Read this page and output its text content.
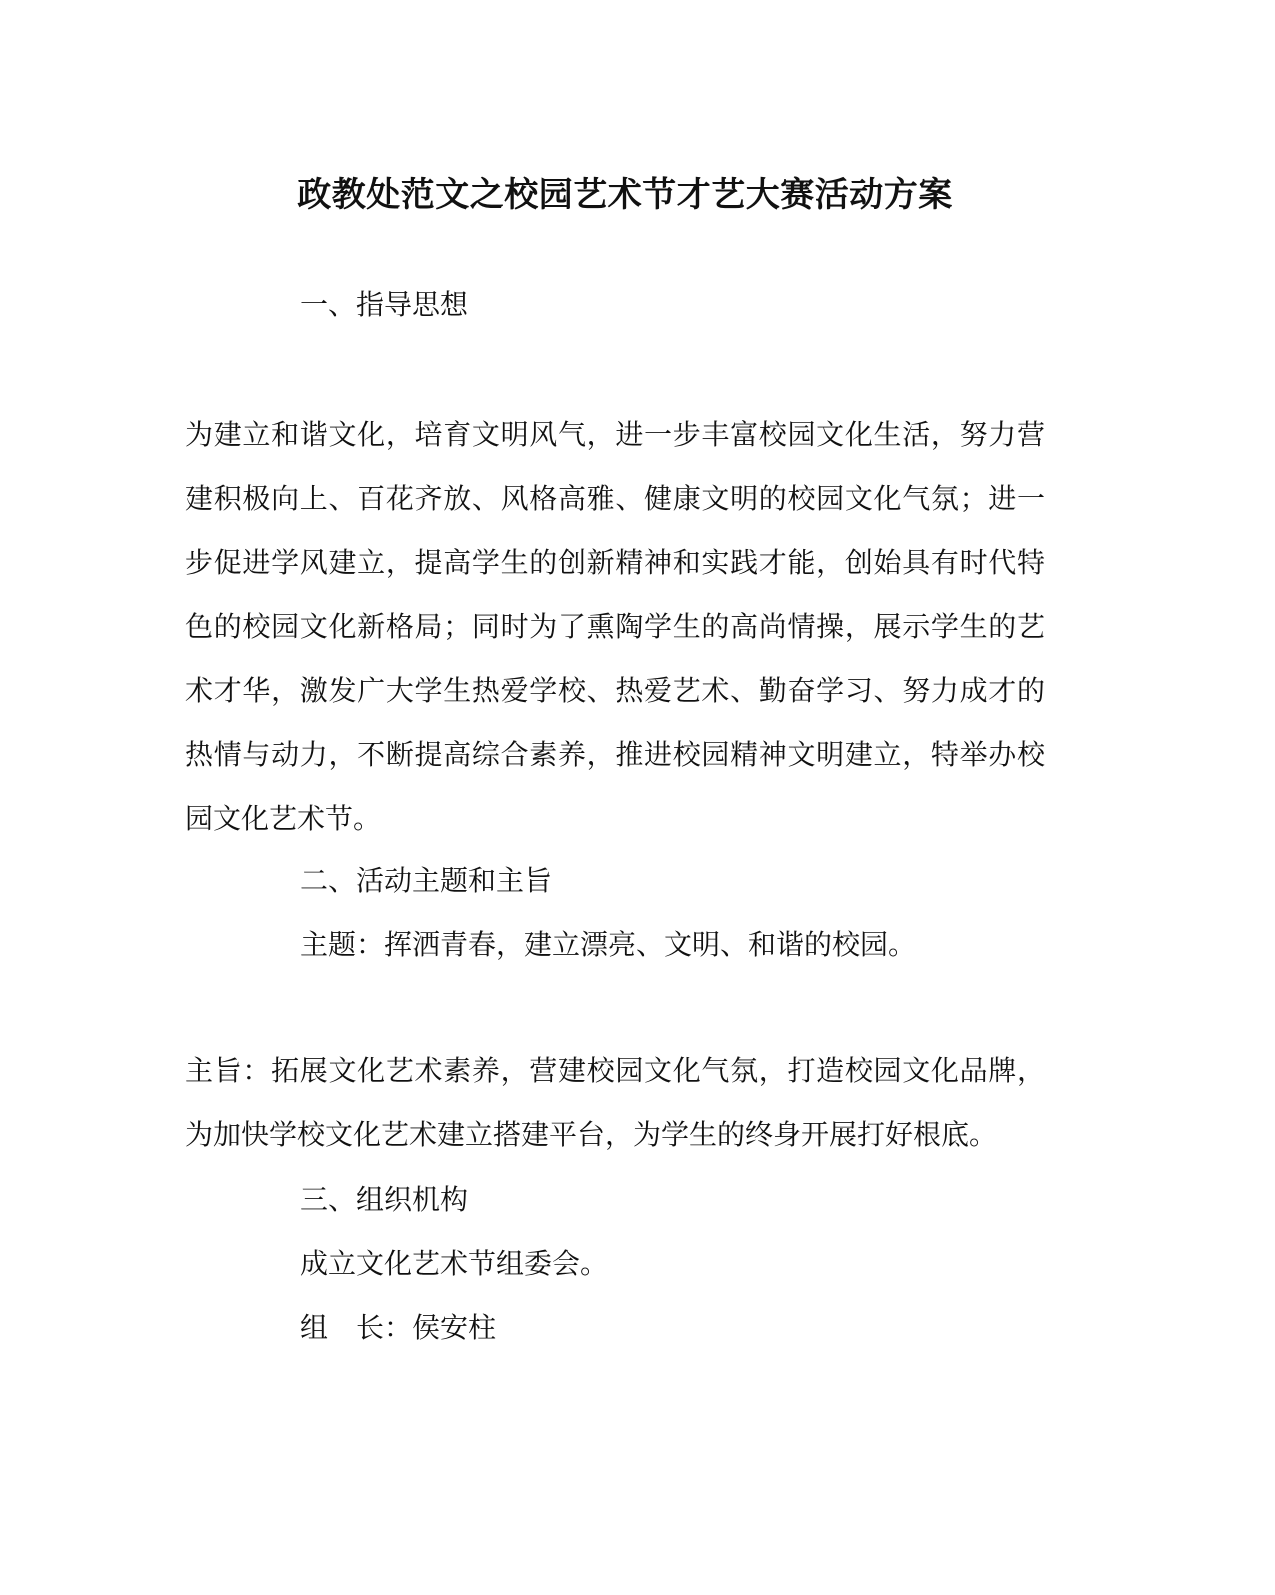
政教处范文之校园艺术节才艺大赛活动方案
一、指导思想
为建立和谐文化，培育文明风气，进一步丰富校园文化生活，努力营
建积极向上、百花齐放、风格高雅、健康文明的校园文化气氛；进一
步促进学风建立，提高学生的创新精神和实践才能，创始具有时代特
色的校园文化新格局；同时为了熏陶学生的高尚情操，展示学生的艺
术才华，激发广大学生热爱学校、热爱艺术、勤奋学习、努力成才的
热情与动力，不断提高综合素养，推进校园精神文明建立，特举办校
园文化艺术节。
二、活动主题和主旨
主题：挥洒青春，建立漂亮、文明、和谐的校园。
主旨：拓展文化艺术素养，营建校园文化气氛，打造校园文化品牌，
为加快学校文化艺术建立搭建平台，为学生的终身开展打好根底。
三、组织机构
成立文化艺术节组委会。
组　长：侯安柱
